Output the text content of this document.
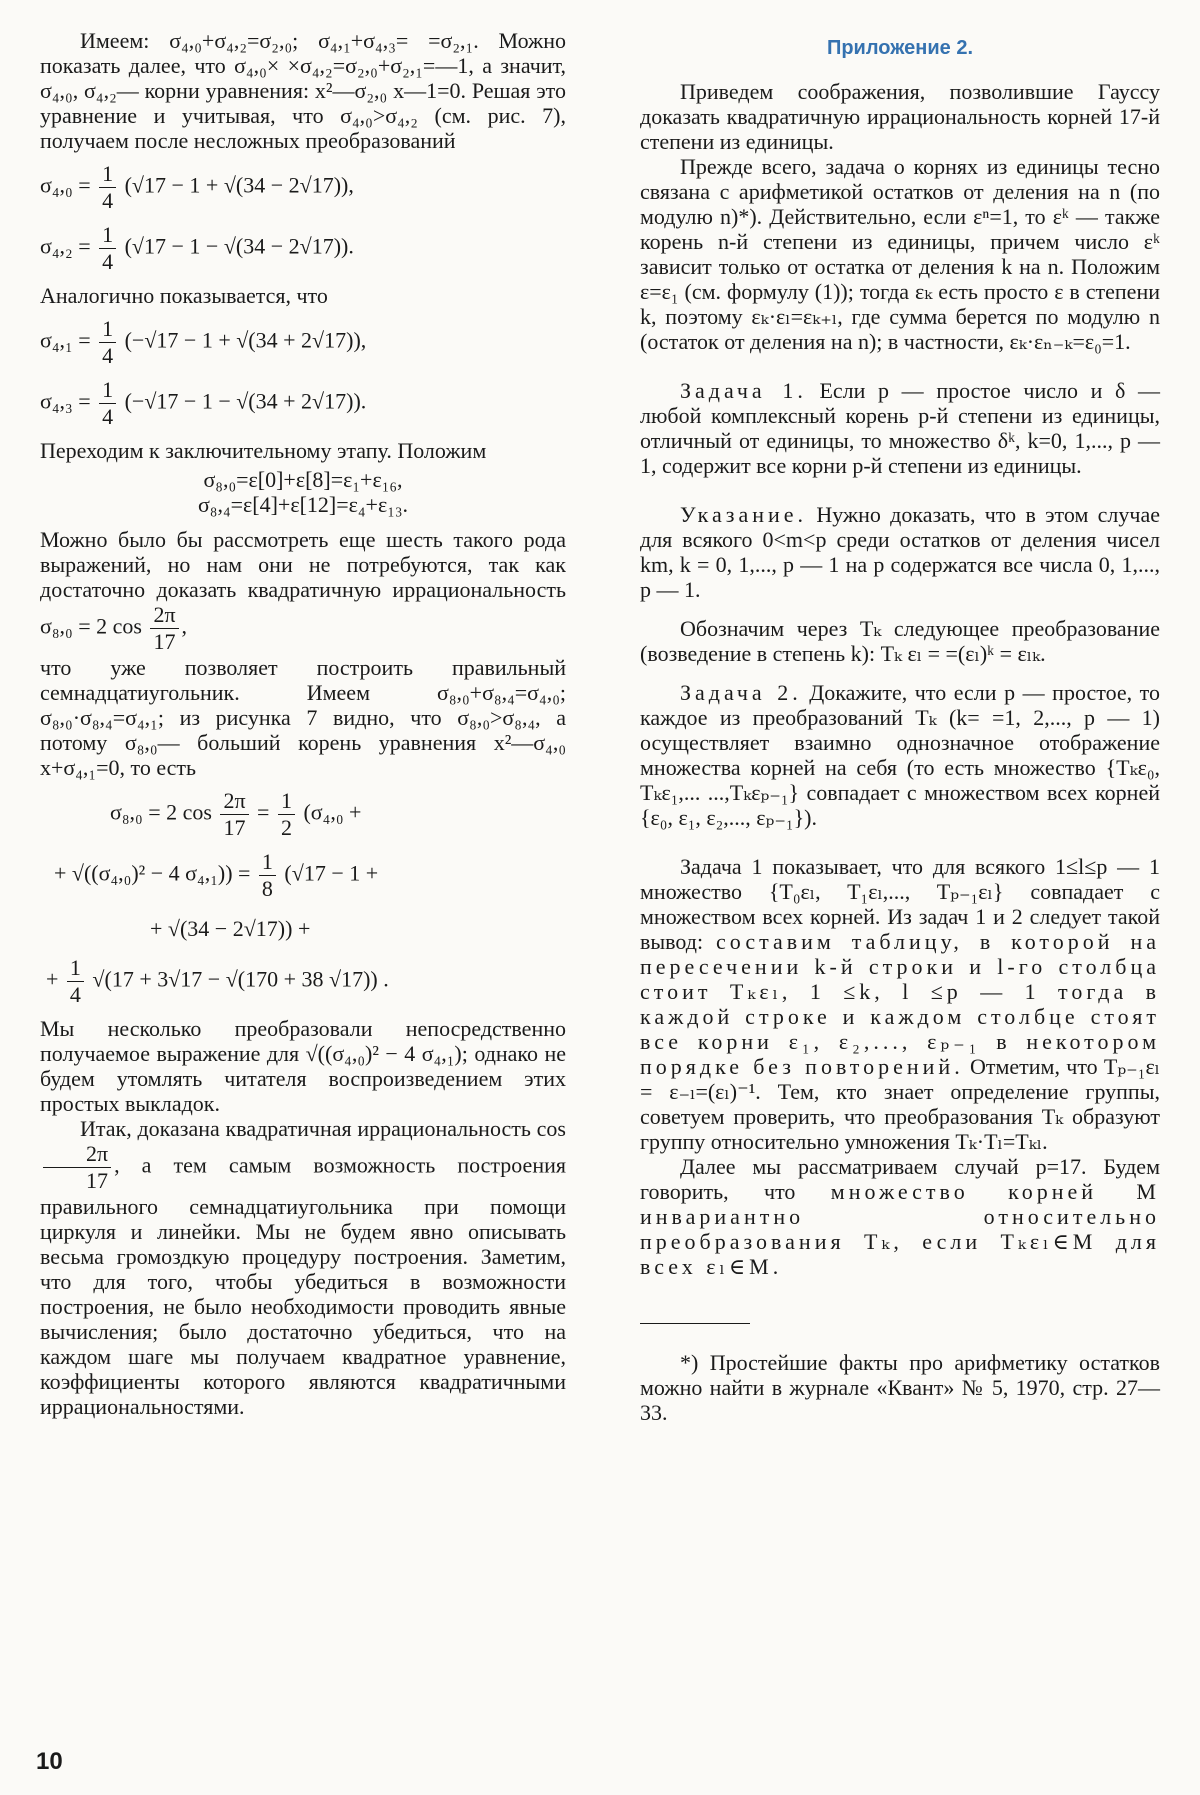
Имеем: σ₄,₀+σ₄,₂=σ₂,₀; σ₄,₁+σ₄,₃= =σ₂,₁. Можно показать далее, что σ₄,₀× ×σ₄,₂=σ₂,₀+σ₂,₁=—1, а значит, σ₄,₀, σ₄,₂— корни уравнения: x²—σ₂,₀ x—1=0. Решая это уравнение и учитывая, что σ₄,₀>σ₄,₂ (см. рис. 7), получаем после несложных преобразований

$\sigma_4,_0 = \frac{1}{4} (√17 - 1 + √(34 - 2√17))$,
$\sigma_4,_2 = \frac{1}{4} (√17 - 1 - √(34 - 2√17))$.

Аналогично показывается, что

$\sigma_4,_1 = \frac{1}{4} (-√17 - 1 + √(34 + 2√17))$,
$\sigma_4,_3 = \frac{1}{4} (-√17 - 1 - √(34 + 2√17))$.

Переходим к заключительному этапу. Положим

σ₈,₀=ε[0]+ε[8]=ε₁+ε₁₆,
σ₈,₄=ε[4]+ε[12]=ε₄+ε₁₃.

Можно было бы рассмотреть еще шесть такого рода выражений, но нам они не потребуются, так как достаточно доказать квадратичную иррациональность σ₈,₀ = 2 $\cos \frac{2\pi}{17}$ ,

что уже позволяет построить правильный семнадцатиугольник. Имеем σ₈,₀+σ₈,₄=σ₄,₀; σ₈,₀·σ₈,₄=σ₄,₁; из рисунка 7 видно, что σ₈,₀>σ₈,₄, а потому σ₈,₀— больший корень уравнения x²—σ₄,₀ x+σ₄,₁=0, то есть

σ₈,₀ = 2 $\cos \frac{2\pi}{17} = \frac{1}{2} (\sigma_4,_0$ +
+ √((σ₄,₀)² − 4 $\sigma_4,_1)) = \frac{1}{8} (√17 - 1$ +
+ √(34 − 2√17)) +
+ $\frac{1}{4} √(17 + 3√17 - √(170 + 38$ √17)) .

Мы несколько преобразовали непосредственно получаемое выражение для √((σ₄,₀)² − 4 σ₄,₁); однако не будем утомлять читателя воспроизведением этих простых выкладок.

Итак, доказана квадратичная иррациональность cos
$\frac{2\pi}{17}$ , а тем самым возможность построения правильного семнадцатиугольника при помощи циркуля и линейки. Мы не будем явно описывать весьма громоздкую процедуру построения. Заметим, что для того, чтобы убедиться в возможности построения, не было необходимости проводить явные вычисления; было достаточно убедиться, что на каждом шаге мы получаем квадратное уравнение, коэффициенты которого являются квадратичными иррациональностями.

Приложение 2.

Приведем соображения, позволившие Гауссу доказать квадратичную иррациональность корней 17-й степени из единицы.

Прежде всего, задача о корнях из единицы тесно связана с арифметикой остатков от деления на n (по модулю n)*). Действительно, если εⁿ=1, то εᵏ — также корень n-й степени из единицы, причем число εᵏ зависит только от остатка от деления k на n. Положим ε=ε₁ (см. формулу (1)); тогда εₖ есть просто ε в степени k, поэтому εₖ·εₗ=εₖ₊ₗ, где сумма берется по модулю n (остаток от деления на n); в частности, εₖ·εₙ₋ₖ=ε₀=1.

Задача 1. Если p — простое число и δ — любой комплексный корень p-й степени из единицы, отличный от единицы, то множество δᵏ, k=0, 1,..., p — 1, содержит все корни p-й степени из единицы.

Указание. Нужно доказать, что в этом случае для всякого 0<m<p среди остатков от деления чисел km, k = 0, 1,..., p — 1 на p содержатся все числа 0, 1,..., p — 1.

Обозначим через Tₖ следующее преобразование (возведение в степень k): Tₖ εₗ = =(εₗ)ᵏ = εₗₖ.

Задача 2. Докажите, что если p — простое, то каждое из преобразований Tₖ (k= =1, 2,..., p — 1) осуществляет взаимно однозначное отображение множества корней на себя (то есть множество {Tₖε₀, Tₖε₁,... ...,Tₖεₚ₋₁} совпадает с множеством всех корней {ε₀, ε₁, ε₂,..., εₚ₋₁}).

Задача 1 показывает, что для всякого 1≤l≤p — 1 множество {T₀εₗ, T₁εₗ,..., Tₚ₋₁εₗ} совпадает с множеством всех корней. Из задач 1 и 2 следует такой вывод: составим таблицу, в которой на пересечении k-й строки и l-го столбца стоит Tₖεₗ, 1 ≤k, l ≤p — 1 тогда в каждой строке и каждом столбце стоят все корни ε₁, ε₂,..., εₚ₋₁ в некотором порядке без повторений. Отметим, что Tₚ₋₁εₗ = ε₋ₗ=(εₗ)⁻¹. Тем, кто знает определение группы, советуем проверить, что преобразования Tₖ образуют группу относительно умножения Tₖ·Tₗ=Tₖₗ.

Далее мы рассматриваем случай p=17. Будем говорить, что множество корней M инвариантно относительно преобразования Tₖ, если Tₖεₗ∈M для всех εₗ∈M.

*) Простейшие факты про арифметику остатков можно найти в журнале «Квант» № 5, 1970, стр. 27—33.

10
